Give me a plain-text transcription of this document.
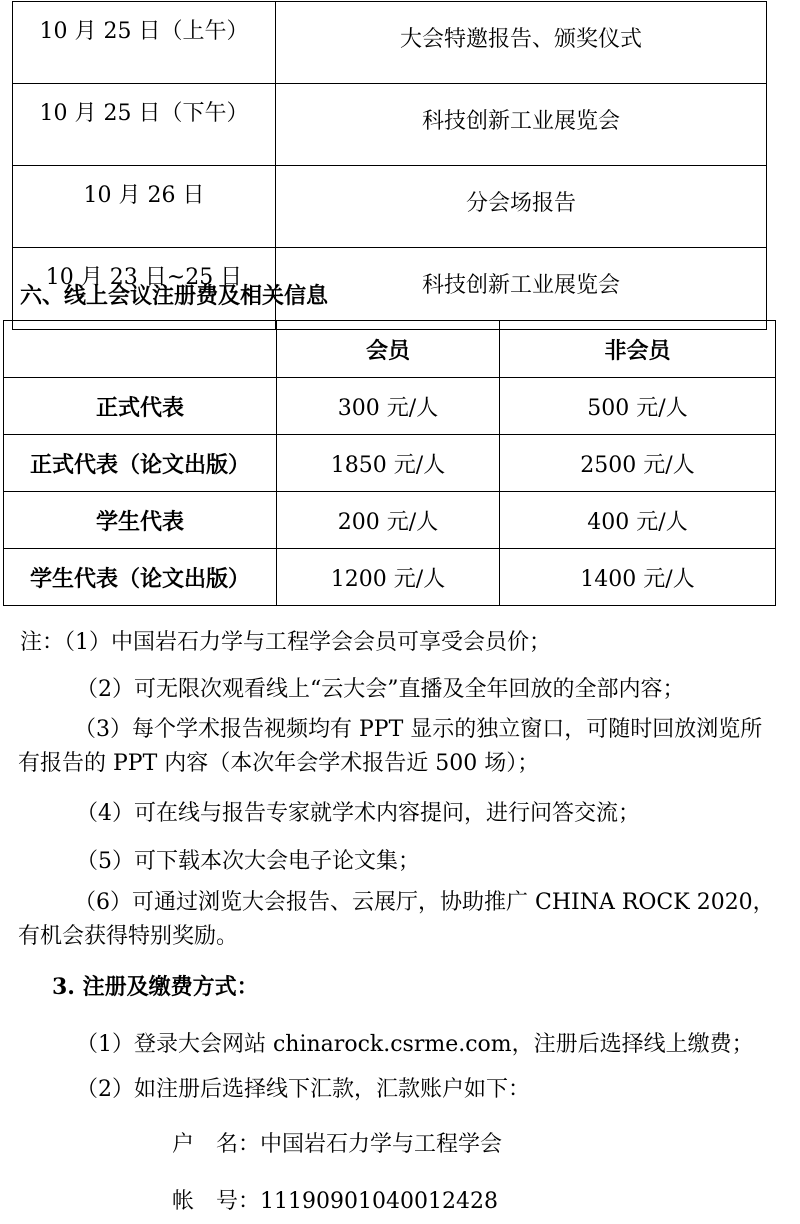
10 月 25 日（上午）	大会特邀报告、颁奖仪式
10 月 25 日（下午）	科技创新工业展览会
10 月 26 日	分会场报告
10 月 23 日~25 日	科技创新工业展览会
六、线上会议注册费及相关信息
	会员	非会员
正式代表	300 元/人	500 元/人
正式代表（论文出版）	1850 元/人	2500 元/人
学生代表	200 元/人	400 元/人
学生代表（论文出版）	1200 元/人	1400 元/人
注：（1）中国岩石力学与工程学会会员可享受会员价；
（2）可无限次观看线上“云大会”直播及全年回放的全部内容；
（3）每个学术报告视频均有 PPT 显示的独立窗口，可随时回放浏览所有报告的 PPT 内容（本次年会学术报告近 500 场）；
（4）可在线与报告专家就学术内容提问，进行问答交流；
（5）可下载本次大会电子论文集；
（6）可通过浏览大会报告、云展厅，协助推广 CHINA ROCK 2020，有机会获得特别奖励。
3. 注册及缴费方式：
（1）登录大会网站 chinarock.csrme.com，注册后选择线上缴费；
（2）如注册后选择线下汇款，汇款账户如下：
户　名：中国岩石力学与工程学会
帐　号：11190901040012428
